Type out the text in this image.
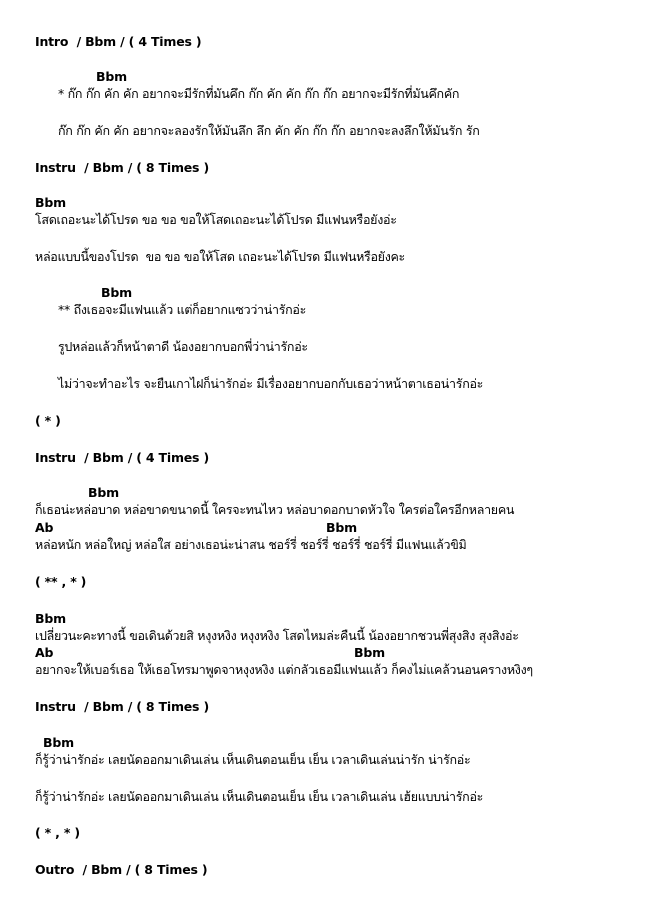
Intro  / Bbm / ( 4 Times )
Bbm
* ก๊ก ก๊ก คัก คัก อยากจะมีรักที่มันคึก ก๊ก คัก คัก ก๊ก ก๊ก อยากจะมีรักที่มันคึกคัก
ก๊ก ก๊ก คัก คัก อยากจะลองรักให้มันลึก ลึก คัก คัก ก๊ก ก๊ก อยากจะลงลึกให้มันรัก รัก
Instru  / Bbm / ( 8 Times )
Bbm
โสดเถอะนะได้โปรด ขอ ขอ ขอให้โสดเถอะนะได้โปรด มีแฟนหรือยังอ่ะ
หล่อแบบนี้ของโปรด  ขอ ขอ ขอให้โสด เถอะนะได้โปรด มีแฟนหรือยังคะ
Bbm
** ถึงเธอจะมีแฟนแล้ว แต่ก็อยากแซวว่าน่ารักอ่ะ
รูปหล่อแล้วก็หน้าตาดี น้องอยากบอกพี่ว่าน่ารักอ่ะ
ไม่ว่าจะทำอะไร จะยืนเกาไฝก็น่ารักอ่ะ มีเรื่องอยากบอกกับเธอว่าหน้าตาเธอน่ารักอ่ะ
( * )
Instru  / Bbm / ( 4 Times )
Bbm
ก็เธอน่ะหล่อบาด หล่อขาดขนาดนี้ ใครจะทนไหว หล่อบาดอกบาดหัวใจ ใครต่อใครอีกหลายคน
Ab	Bbm
หล่อหนัก หล่อใหญ่ หล่อใส อย่างเธอน่ะน่าสน ชอร์รี่ ชอร์รี่ ชอร์รี่ ชอร์รี่ มีแฟนแล้วขิมิ
( ** , * )
Bbm
เปลี่ยวนะคะทางนี้ ขอเดินด้วยสิ หงุงหงิง หงุงหงิง โสดไหมล่ะคืนนี้ น้องอยากชวนพี่สุงสิง สุงสิงอ่ะ
Ab	Bbm
อยากจะให้เบอร์เธอ ให้เธอโทรมาพูดจาหงุงหงิง แต่กลัวเธอมีแฟนแล้ว ก็คงไม่แคล้วนอนครางหงิงๆ
Instru  / Bbm / ( 8 Times )
Bbm
ก็รู้ว่าน่ารักอ่ะ เลยนัดออกมาเดินเล่น เห็นเดินตอนเย็น เย็น เวลาเดินเล่นน่ารัก น่ารักอ่ะ
ก็รู้ว่าน่ารักอ่ะ เลยนัดออกมาเดินเล่น เห็นเดินตอนเย็น เย็น เวลาเดินเล่น เฮ้ยแบบน่ารักอ่ะ
( * , * )
Outro  / Bbm / ( 8 Times )
